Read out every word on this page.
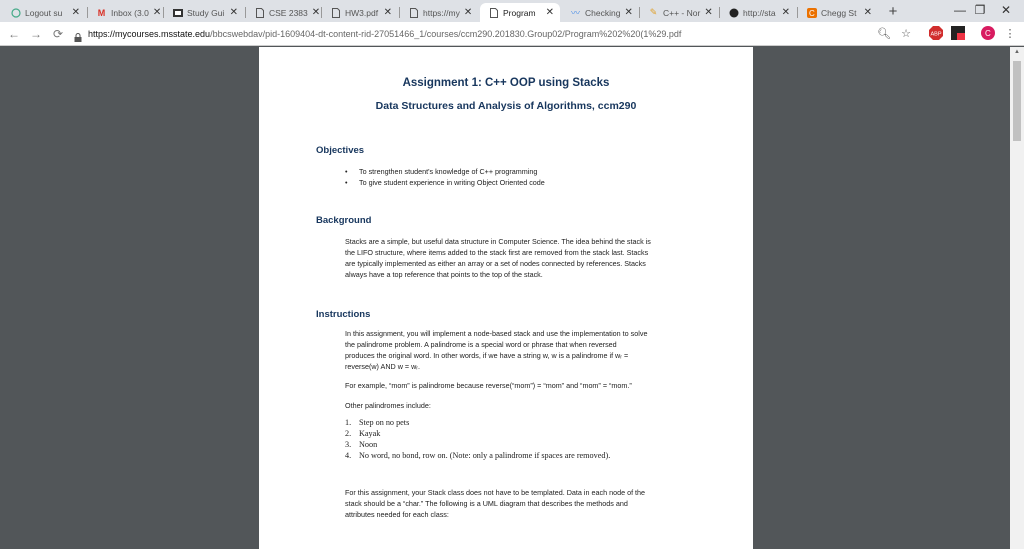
Logout su ✕ M Inbox (3.0 ✕	Study Gui ✕	CSE 2383 ✕	HW3.pdf ✕	https://my ✕	Program	✕ 〰 Checking ✕ ✎ C++ - Nor ✕	http://sta ✕ C Chegg St ✕	+	— ❐	✕
← → ⟳	https://mycourses.msstate.edu /bbcswebdav/pid-1609404-dt-content-rid-27051466_1/courses/ccm290.201830.Group02/Program%202%20(1%29.pdf	🔍︎ ☆	ABP	C ⋮
▲
Assignment 1: C++ OOP using Stacks
Data Structures and Analysis of Algorithms, ccm290
Objectives
• To strengthen student's knowledge of C++ programming
• To give student experience in writing Object Oriented code
Background
Stacks are a simple, but useful data structure in Computer Science. The idea behind the stack is
the LIFO structure, where items added to the stack first are removed from the stack last. Stacks
are typically implemented as either an array or a set of nodes connected by references. Stacks
always have a top reference that points to the top of the stack.
Instructions
In this assignment, you will implement a node-based stack and use the implementation to solve
the palindrome problem. A palindrome is a special word or phrase that when reversed
produces the original word. In other words, if we have a string w, w is a palindrome if wᵣ =
reverse(w) AND w = wᵣ.
For example, “mom” is palindrome because reverse(“mom”) = “mom” and “mom” = “mom.”
Other palindromes include:
1. Step on no pets
2. Kayak
3. Noon
4. No word, no bond, row on. (Note: only a palindrome if spaces are removed).
For this assignment, your Stack class does not have to be templated. Data in each node of the
stack should be a “char.” The following is a UML diagram that describes the methods and
attributes needed for each class:
